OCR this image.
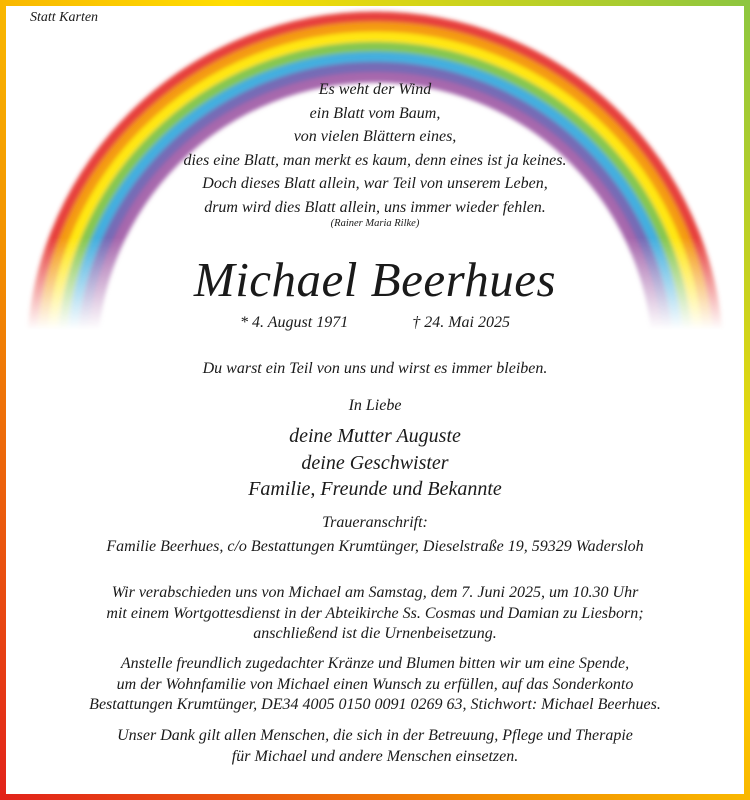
Statt Karten
Es weht der Wind
ein Blatt vom Baum,
von vielen Blättern eines,
dies eine Blatt, man merkt es kaum, denn eines ist ja keines.
Doch dieses Blatt allein, war Teil von unserem Leben,
drum wird dies Blatt allein, uns immer wieder fehlen.
(Rainer Maria Rilke)
Michael Beerhues
* 4. August 1971	† 24. Mai 2025
Du warst ein Teil von uns und wirst es immer bleiben.
In Liebe
deine Mutter Auguste
deine Geschwister
Familie, Freunde und Bekannte
Traueranschrift:
Familie Beerhues, c/o Bestattungen Krumtünger, Dieselstraße 19, 59329 Wadersloh
Wir verabschieden uns von Michael am Samstag, dem 7. Juni 2025, um 10.30 Uhr
mit einem Wortgottesdienst in der Abteikirche Ss. Cosmas und Damian zu Liesborn;
anschließend ist die Urnenbeisetzung.
Anstelle freundlich zugedachter Kränze und Blumen bitten wir um eine Spende,
um der Wohnfamilie von Michael einen Wunsch zu erfüllen, auf das Sonderkonto
Bestattungen Krumtünger, DE34 4005 0150 0091 0269 63, Stichwort: Michael Beerhues.
Unser Dank gilt allen Menschen, die sich in der Betreuung, Pflege und Therapie
für Michael und andere Menschen einsetzen.
